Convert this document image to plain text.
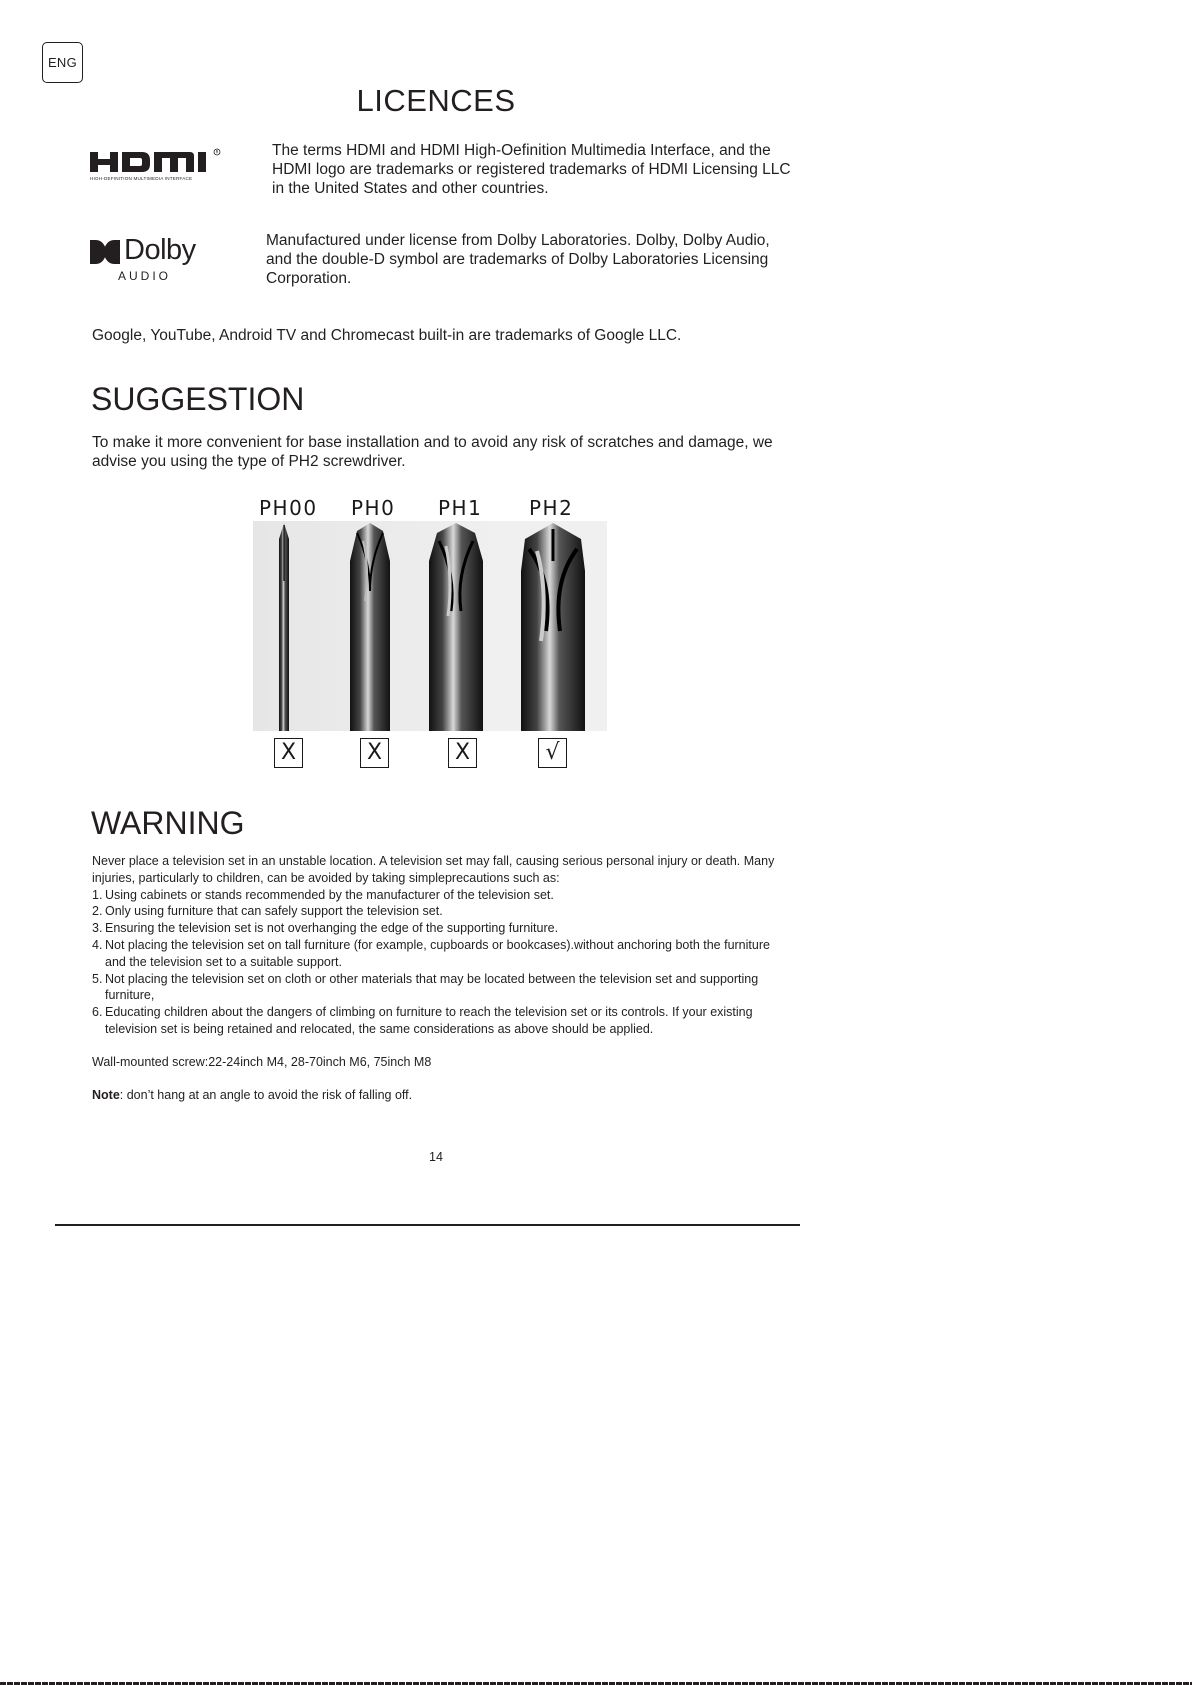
ENG
LICENCES
R
HIGH-DEFINITION MULTIMEDIA INTERFACE

The terms HDMI and HDMI High-Oefinition Multimedia Interface, and the HDMI logo are trademarks or registered trademarks of HDMI Licensing LLC in the United States and other countries.

Dolby
AUDIO

Manufactured under license from Dolby Laboratories. Dolby, Dolby Audio, and the double-D symbol are trademarks of Dolby Laboratories Licensing Corporation.

Google, YouTube, Android TV and Chromecast built-in are trademarks of Google LLC.

SUGGESTION

To make it more convenient for base installation and to avoid any risk of scratches and damage, we advise you using the type of PH2 screwdriver.

PH00 PH0 PH1 PH2
X	X	X	√
WARNING

Never place a television set in an unstable location. A television set may fall, causing serious personal injury or death. Many injuries, particularly to children, can be avoided by taking simpleprecautions such as:

1. Using cabinets or stands recommended by the manufacturer of the television set.

2. Only using furniture that can safely support the television set.

3. Ensuring the television set is not overhanging the edge of the supporting furniture.

4. Not placing the television set on tall furniture (for example, cupboards or bookcases).without anchoring both the furniture and the television set to a suitable support.

5. Not placing the television set on cloth or other materials that may be located between the television set and supporting furniture,

6. Educating children about the dangers of climbing on furniture to reach the television set or its controls. If your existing television set is being retained and relocated, the same considerations as above should be applied.

Wall-mounted screw:22-24inch M4, 28-70inch M6, 75inch M8

Note: don’t hang at an angle to avoid the risk of falling off.

14
